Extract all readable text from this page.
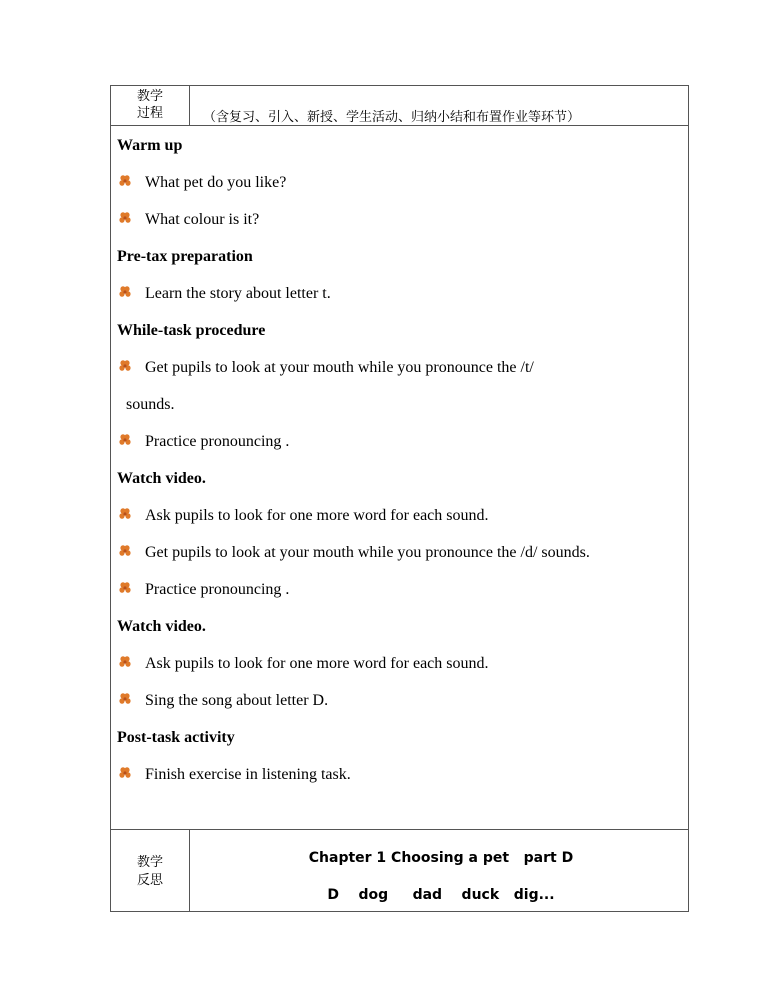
教学
过程	（含复习、引入、新授、学生活动、归纳小结和布置作业等环节）
Warm up
What pet do you like?
What colour is it?
Pre-tax preparation
Learn the story about letter t.
While-task procedure
Get pupils to look at your mouth while you pronounce the /t/
sounds.
Practice pronouncing .
Watch video.
Ask pupils to look for one more word for each sound.
Get pupils to look at your mouth while you pronounce the /d/ sounds.
Practice pronouncing .
Watch video.
Ask pupils to look for one more word for each sound.
Sing the song about letter D.
Post-task activity
Finish exercise in listening task.
教学
反思
Chapter 1 Choosing a pet   part D
D    dog     dad    duck   dig...
